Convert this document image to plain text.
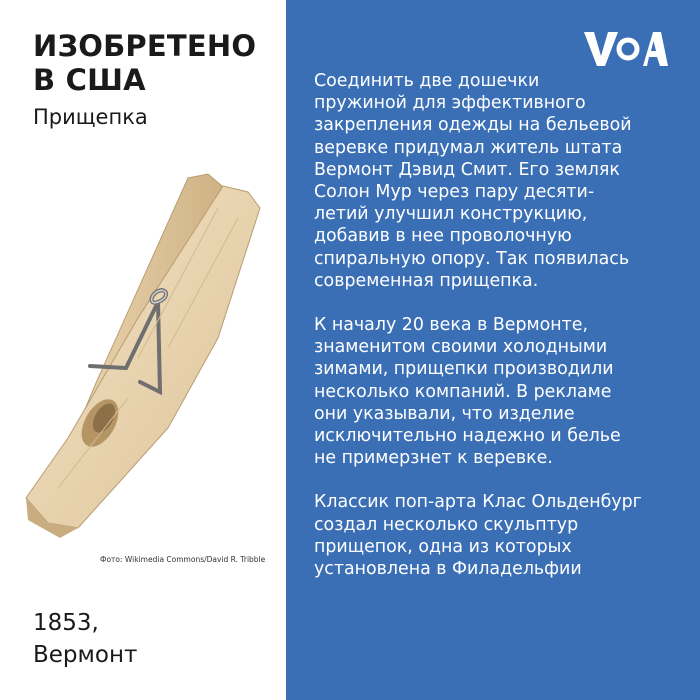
ИЗОБРЕТЕНО
В США
Прищепка
Фото: Wikimedia Commons/David R. Tribble
1853,
Вермонт

Соединить две дошечки
пружиной для эффективного
закрепления одежды на бельевой
веревке придумал житель штата
Вермонт Дэвид Смит. Его земляк
Солон Мур через пару десяти-
летий улучшил конструкцию,
добавив в нее проволочную
спиральную опору. Так появилась
современная прищепка.

К началу 20 века в Вермонте,
знаменитом своими холодными
зимами, прищепки производили
несколько компаний. В рекламе
они указывали, что изделие
исключительно надежно и белье
не примерзнет к веревке.

Классик поп-арта Клас Ольденбург
создал несколько скульптур
прищепок, одна из которых
установлена в Филадельфии
